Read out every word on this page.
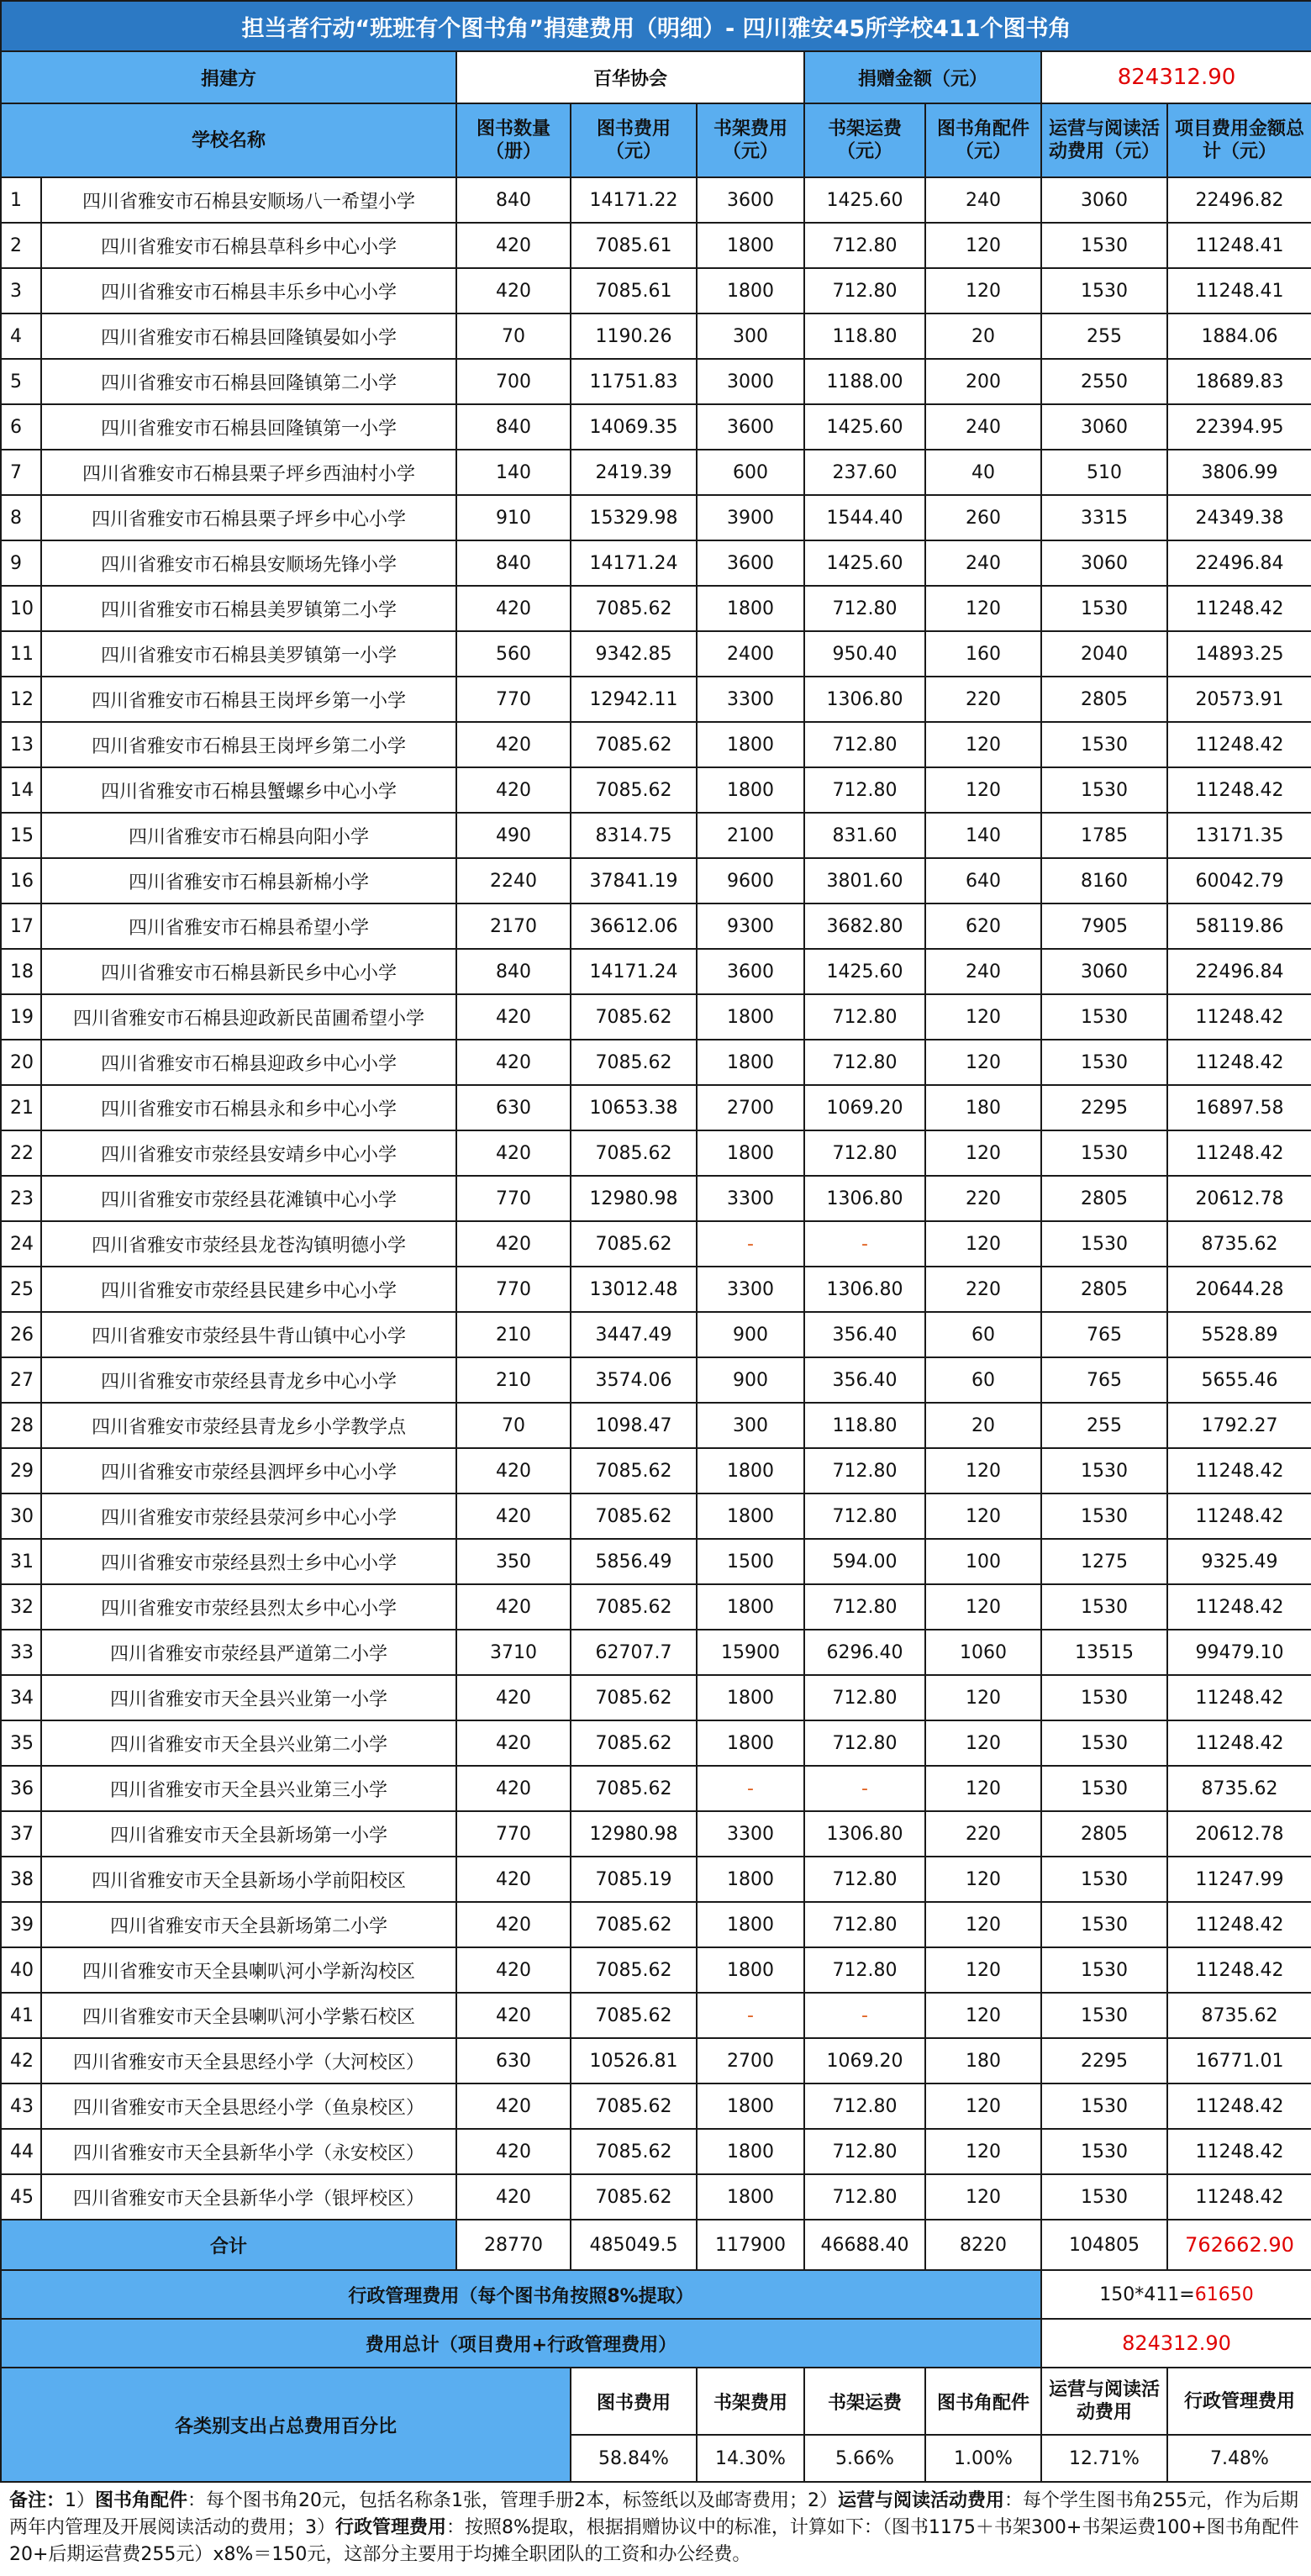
担当者行动“班班有个图书角”捐建费用（明细）- 四川雅安45所学校411个图书角								
捐建方		百华协会			捐赠金额（元）		824312.90	
学校名称		图书数量（册）	图书费用（元）	书架费用（元）	书架运费（元）	图书角配件（元）	运营与阅读活动费用（元）	项目费用金额总计（元）
1	四川省雅安市石棉县安顺场八一希望小学	840	14171.22	3600	1425.60	240	3060	22496.82
2	四川省雅安市石棉县草科乡中心小学	420	7085.61	1800	712.80	120	1530	11248.41
3	四川省雅安市石棉县丰乐乡中心小学	420	7085.61	1800	712.80	120	1530	11248.41
4	四川省雅安市石棉县回隆镇晏如小学	70	1190.26	300	118.80	20	255	1884.06
5	四川省雅安市石棉县回隆镇第二小学	700	11751.83	3000	1188.00	200	2550	18689.83
6	四川省雅安市石棉县回隆镇第一小学	840	14069.35	3600	1425.60	240	3060	22394.95
7	四川省雅安市石棉县栗子坪乡西油村小学	140	2419.39	600	237.60	40	510	3806.99
8	四川省雅安市石棉县栗子坪乡中心小学	910	15329.98	3900	1544.40	260	3315	24349.38
9	四川省雅安市石棉县安顺场先锋小学	840	14171.24	3600	1425.60	240	3060	22496.84
10	四川省雅安市石棉县美罗镇第二小学	420	7085.62	1800	712.80	120	1530	11248.42
11	四川省雅安市石棉县美罗镇第一小学	560	9342.85	2400	950.40	160	2040	14893.25
12	四川省雅安市石棉县王岗坪乡第一小学	770	12942.11	3300	1306.80	220	2805	20573.91
13	四川省雅安市石棉县王岗坪乡第二小学	420	7085.62	1800	712.80	120	1530	11248.42
14	四川省雅安市石棉县蟹螺乡中心小学	420	7085.62	1800	712.80	120	1530	11248.42
15	四川省雅安市石棉县向阳小学	490	8314.75	2100	831.60	140	1785	13171.35
16	四川省雅安市石棉县新棉小学	2240	37841.19	9600	3801.60	640	8160	60042.79
17	四川省雅安市石棉县希望小学	2170	36612.06	9300	3682.80	620	7905	58119.86
18	四川省雅安市石棉县新民乡中心小学	840	14171.24	3600	1425.60	240	3060	22496.84
19	四川省雅安市石棉县迎政新民苗圃希望小学	420	7085.62	1800	712.80	120	1530	11248.42
20	四川省雅安市石棉县迎政乡中心小学	420	7085.62	1800	712.80	120	1530	11248.42
21	四川省雅安市石棉县永和乡中心小学	630	10653.38	2700	1069.20	180	2295	16897.58
22	四川省雅安市荥经县安靖乡中心小学	420	7085.62	1800	712.80	120	1530	11248.42
23	四川省雅安市荥经县花滩镇中心小学	770	12980.98	3300	1306.80	220	2805	20612.78
24	四川省雅安市荥经县龙苍沟镇明德小学	420	7085.62	-	-	120	1530	8735.62
25	四川省雅安市荥经县民建乡中心小学	770	13012.48	3300	1306.80	220	2805	20644.28
26	四川省雅安市荥经县牛背山镇中心小学	210	3447.49	900	356.40	60	765	5528.89
27	四川省雅安市荥经县青龙乡中心小学	210	3574.06	900	356.40	60	765	5655.46
28	四川省雅安市荥经县青龙乡小学教学点	70	1098.47	300	118.80	20	255	1792.27
29	四川省雅安市荥经县泗坪乡中心小学	420	7085.62	1800	712.80	120	1530	11248.42
30	四川省雅安市荥经县荥河乡中心小学	420	7085.62	1800	712.80	120	1530	11248.42
31	四川省雅安市荥经县烈士乡中心小学	350	5856.49	1500	594.00	100	1275	9325.49
32	四川省雅安市荥经县烈太乡中心小学	420	7085.62	1800	712.80	120	1530	11248.42
33	四川省雅安市荥经县严道第二小学	3710	62707.7	15900	6296.40	1060	13515	99479.10
34	四川省雅安市天全县兴业第一小学	420	7085.62	1800	712.80	120	1530	11248.42
35	四川省雅安市天全县兴业第二小学	420	7085.62	1800	712.80	120	1530	11248.42
36	四川省雅安市天全县兴业第三小学	420	7085.62	-	-	120	1530	8735.62
37	四川省雅安市天全县新场第一小学	770	12980.98	3300	1306.80	220	2805	20612.78
38	四川省雅安市天全县新场小学前阳校区	420	7085.19	1800	712.80	120	1530	11247.99
39	四川省雅安市天全县新场第二小学	420	7085.62	1800	712.80	120	1530	11248.42
40	四川省雅安市天全县喇叭河小学新沟校区	420	7085.62	1800	712.80	120	1530	11248.42
41	四川省雅安市天全县喇叭河小学紫石校区	420	7085.62	-	-	120	1530	8735.62
42	四川省雅安市天全县思经小学（大河校区）	630	10526.81	2700	1069.20	180	2295	16771.01
43	四川省雅安市天全县思经小学（鱼泉校区）	420	7085.62	1800	712.80	120	1530	11248.42
44	四川省雅安市天全县新华小学（永安校区）	420	7085.62	1800	712.80	120	1530	11248.42
45	四川省雅安市天全县新华小学（银坪校区）	420	7085.62	1800	712.80	120	1530	11248.42
合计		28770	485049.5	117900	46688.40	8220	104805	762662.90
行政管理费用（每个图书角按照8%提取）							150*411=61650	
费用总计（项目费用+行政管理费用）							824312.90	
各类别支出占总费用百分比			图书费用	书架费用	书架运费	图书角配件	运营与阅读活动费用	行政管理费用
			58.84%	14.30%	5.66%	1.00%	12.71%	7.48%
备注：1）图书角配件：每个图书角20元，包括名称条1张，管理手册2本，标签纸以及邮寄费用；2）运营与阅读活动费用：每个学生图书角255元，作为后期两年内管理及开展阅读活动的费用；3）行政管理费用：按照8%提取，根据捐赠协议中的标准，计算如下：（图书1175＋书架300+书架运费100+图书角配件20+后期运营费255元）x8%＝150元，这部分主要用于均摊全职团队的工资和办公经费。								
